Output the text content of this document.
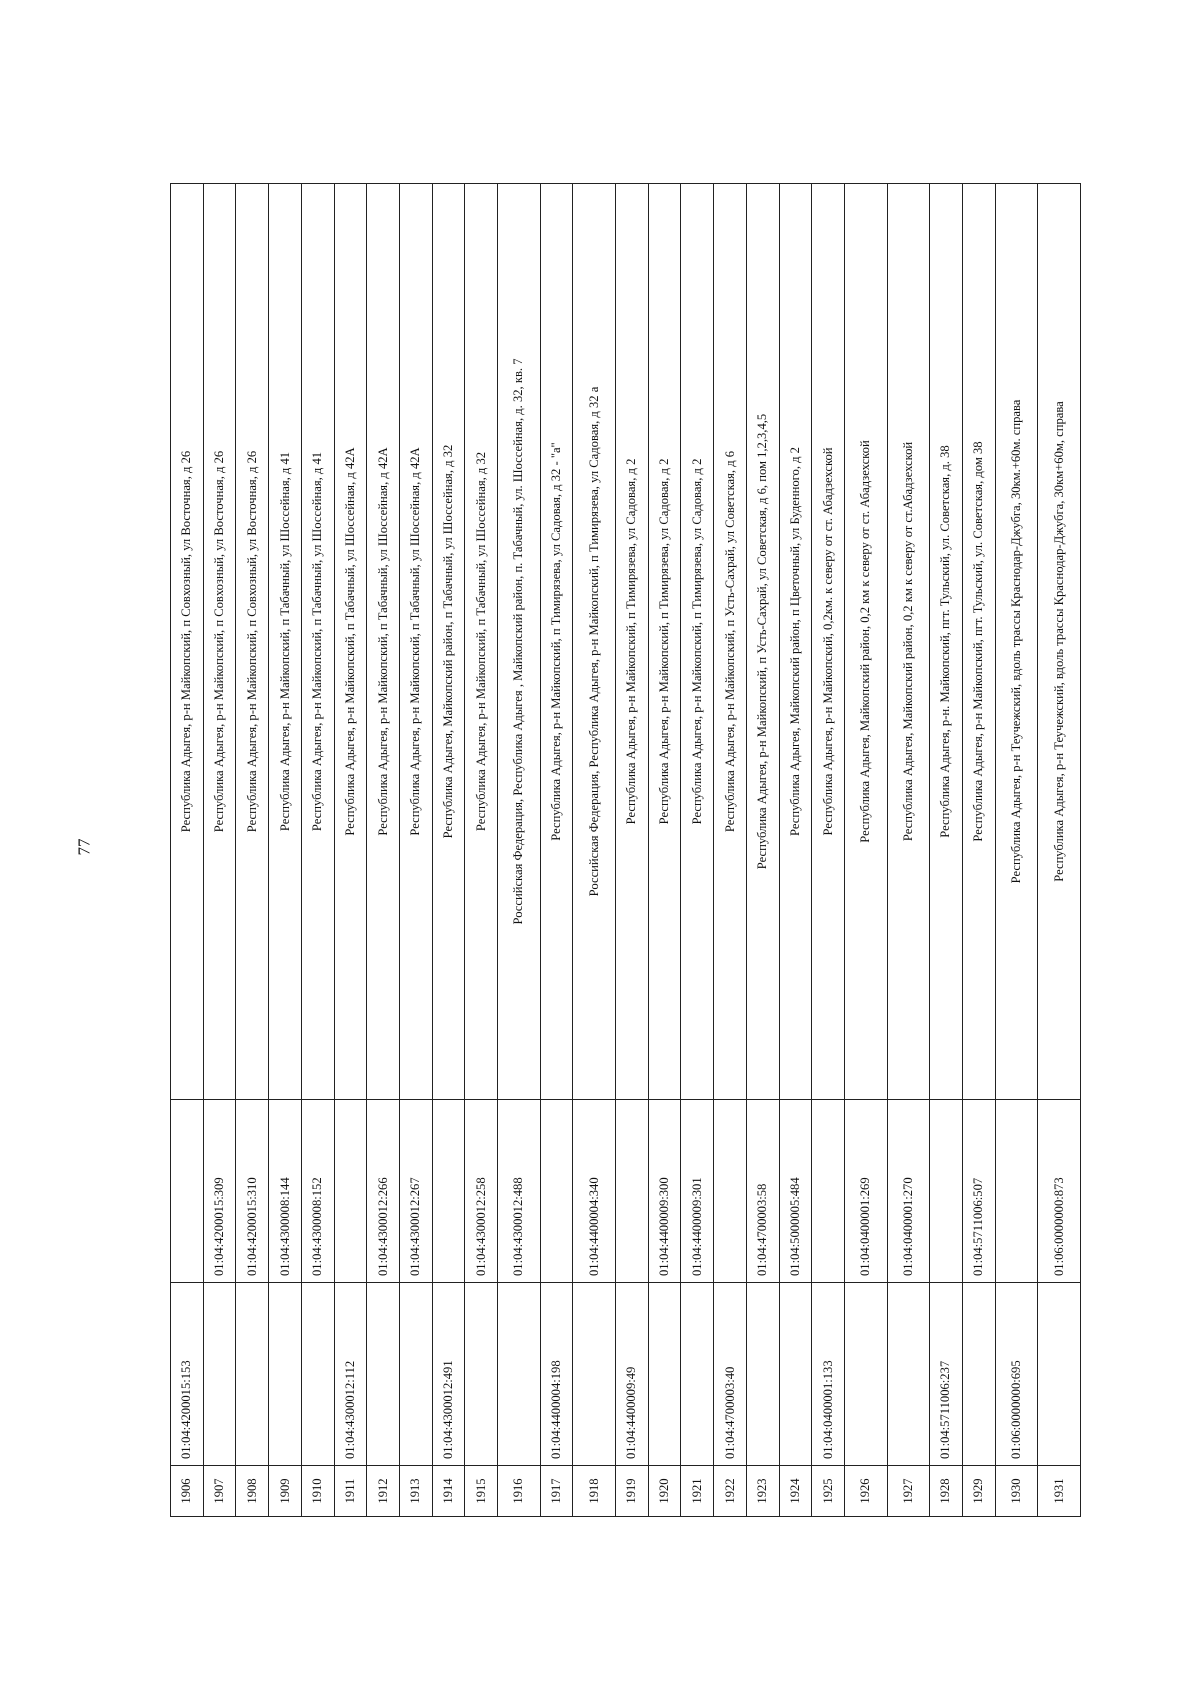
77
1906	01:04:4200015:153		Республика Адыгея, р-н Майкопский, п Совхозный, ул Восточная, д 26
1907		01:04:4200015:309	Республика Адыгея, р-н Майкопский, п Совхозный, ул Восточная, д 26
1908		01:04:4200015:310	Республика Адыгея, р-н Майкопский, п Совхозный, ул Восточная, д 26
1909		01:04:4300008:144	Республика Адыгея, р-н Майкопский, п Табачный, ул Шоссейная, д 41
1910		01:04:4300008:152	Республика Адыгея, р-н Майкопский, п Табачный, ул Шоссейная, д 41
1911	01:04:4300012:112		Республика Адыгея, р-н Майкопский, п Табачный, ул Шоссейная, д 42А
1912		01:04:4300012:266	Республика Адыгея, р-н Майкопский, п Табачный, ул Шоссейная, д 42А
1913		01:04:4300012:267	Республика Адыгея, р-н Майкопский, п Табачный, ул Шоссейная, д 42А
1914	01:04:4300012:491		Республика Адыгея, Майкопский район, п Табачный, ул Шоссейная, д 32
1915		01:04:4300012:258	Республика Адыгея, р-н Майкопский, п Табачный, ул Шоссейная, д 32
1916		01:04:4300012:488	Российская Федерация, Республика Адыгея , Майкопский район, п. Табачный, ул. Шоссейная, д. 32, кв. 7
1917	01:04:4400004:198		Республика Адыгея, р-н Майкопский, п Тимирязева, ул Садовая, д 32 - "а"
1918		01:04:4400004:340	Российская Федерация, Республика Адыгея, р-н Майкопский, п Тимирязева, ул Садовая, д 32 а
1919	01:04:4400009:49		Республика Адыгея, р-н Майкопский, п Тимирязева, ул Садовая, д 2
1920		01:04:4400009:300	Республика Адыгея, р-н Майкопский, п Тимирязева, ул Садовая, д 2
1921		01:04:4400009:301	Республика Адыгея, р-н Майкопский, п Тимирязева, ул Садовая, д 2
1922	01:04:4700003:40		Республика Адыгея, р-н Майкопский, п Усть-Сахрай, ул Советская, д 6
1923		01:04:4700003:58	Республика Адыгея, р-н Майкопский, п Усть-Сахрай, ул Советская, д 6, пом 1,2,3,4,5
1924		01:04:5000005:484	Республика Адыгея, Майкопский район, п Цветочный, ул Буденного, д 2
1925	01:04:0400001:133		Республика Адыгея, р-н Майкопский, 0,2км. к северу от ст. Абадзехской
1926		01:04:0400001:269	Республика Адыгея, Майкопский район, 0,2 км к северу от ст. Абадзехской
1927		01:04:0400001:270	Республика Адыгея, Майкопский район, 0,2 км к северу от ст.Абадзехской
1928	01:04:5711006:237		Республика Адыгея, р-н. Майкопский, пгт. Тульский, ул. Советская, д. 38
1929		01:04:5711006:507	Республика Адыгея, р-н Майкопский, пгт. Тульский, ул. Советская, дом 38
1930	01:06:0000000:695		Республика Адыгея, р-н Теучежский, вдоль трассы Краснодар-Джубга, 30км.+60м. справа
1931		01:06:0000000:873	Республика Адыгея, р-н Теучежский, вдоль трассы Краснодар-Джубга, 30км+60м, справа
